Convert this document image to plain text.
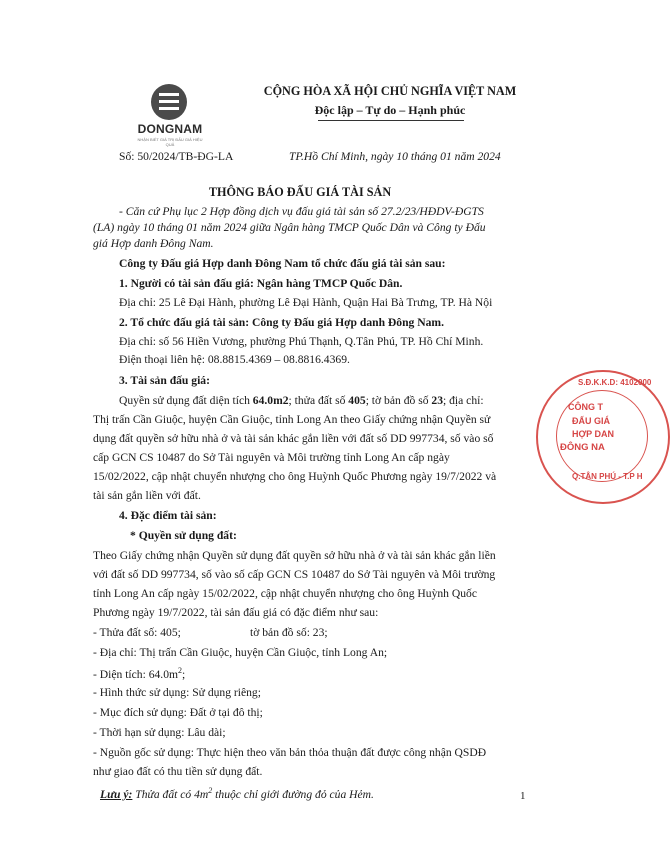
DONGNAM
NHẬN BIẾT GIÁ TRỊ ĐẤU GIÁ HIỆU QUẢ
CỘNG HÒA XÃ HỘI CHỦ NGHĨA VIỆT NAM
Độc lập – Tự do – Hạnh phúc
Số: 50/2024/TB-ĐG-LA	TP.Hồ Chí Minh, ngày 10 tháng 01 năm 2024
THÔNG BÁO ĐẤU GIÁ TÀI SẢN
- Căn cứ Phụ lục 2 Hợp đồng dịch vụ đấu giá tài sản số 27.2/23/HĐDV-ĐGTS
(LA) ngày 10 tháng 01 năm 2024 giữa Ngân hàng TMCP Quốc Dân và Công ty Đấu
giá Hợp danh Đông Nam.
Công ty Đấu giá Hợp danh Đông Nam tổ chức đấu giá tài sản sau:
1. Người có tài sản đấu giá: Ngân hàng TMCP Quốc Dân.
Địa chỉ: 25 Lê Đại Hành, phường Lê Đại Hành, Quận Hai Bà Trưng, TP. Hà Nội
2. Tổ chức đấu giá tài sản: Công ty Đấu giá Hợp danh Đông Nam.
Địa chỉ: số 56 Hiền Vương, phường Phú Thạnh, Q.Tân Phú, TP. Hồ Chí Minh.
Điện thoại liên hệ: 08.8815.4369 – 08.8816.4369.
3. Tài sản đấu giá:
Quyền sử dụng đất diện tích 64.0m2; thửa đất số 405; tờ bản đồ số 23; địa chỉ:
Thị trấn Cần Giuộc, huyện Cần Giuộc, tỉnh Long An theo Giấy chứng nhận Quyền sử
dụng đất quyền sở hữu nhà ở và tài sản khác gắn liền với đất số DD 997734, số vào số
cấp GCN CS 10487 do Sở Tài nguyên và Môi trường tỉnh Long An cấp ngày
15/02/2022, cập nhật chuyển nhượng cho ông Huỳnh Quốc Phương ngày 19/7/2022 và
tài sản gắn liền với đất.
4. Đặc điểm tài sản:
* Quyền sử dụng đất:
Theo Giấy chứng nhận Quyền sử dụng đất quyền sở hữu nhà ở và tài sản khác gắn liền
với đất số DD 997734, số vào số cấp GCN CS 10487 do Sở Tài nguyên và Môi trường
tỉnh Long An cấp ngày 15/02/2022, cập nhật chuyển nhượng cho ông Huỳnh Quốc
Phương ngày 19/7/2022, tài sản đấu giá có đặc điểm như sau:
- Thửa đất số: 405;	tờ bản đồ số: 23;
- Địa chỉ: Thị trấn Cần Giuộc, huyện Cần Giuộc, tỉnh Long An;
- Diện tích: $64.0m^2$;
- Hình thức sử dụng: Sử dụng riêng;
- Mục đích sử dụng: Đất ở tại đô thị;
- Thời hạn sử dụng: Lâu dài;
- Nguồn gốc sử dụng: Thực hiện theo văn bản thỏa thuận đất được công nhận QSDĐ
như giao đất có thu tiền sử dụng đất.
Lưu ý: Thửa đất có $4m^2$ thuộc chỉ giới đường đỏ của Hẻm.	1
S.Đ.K.K.D: 4102000
CÔNG T
ĐẤU GIÁ
HỢP DAN
ĐÔNG NA
Q.TÂN PHÚ - T.P H
